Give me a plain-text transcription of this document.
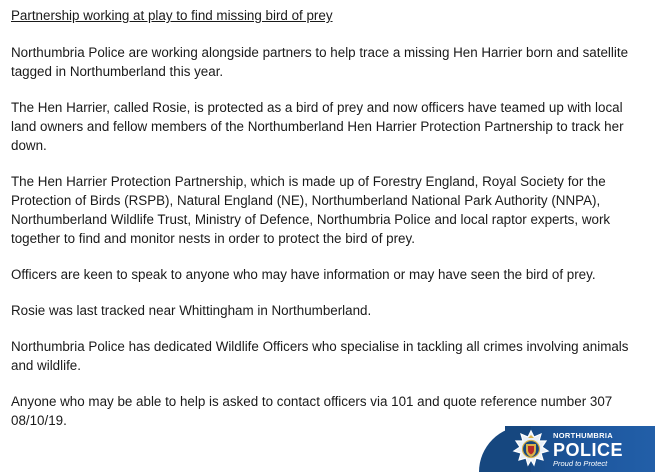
Partnership working at play to find missing bird of prey

Northumbria Police are working alongside partners to help trace a missing Hen Harrier born and satellite tagged in Northumberland this year.

The Hen Harrier, called Rosie, is protected as a bird of prey and now officers have teamed up with local land owners and fellow members of the Northumberland Hen Harrier Protection Partnership to track her down.

The Hen Harrier Protection Partnership, which is made up of Forestry England, Royal Society for the Protection of Birds (RSPB), Natural England (NE), Northumberland National Park Authority (NNPA), Northumberland Wildlife Trust, Ministry of Defence, Northumbria Police and local raptor experts, work together to find and monitor nests in order to protect the bird of prey.

Officers are keen to speak to anyone who may have information or may have seen the bird of prey.

Rosie was last tracked near Whittingham in Northumberland.

Northumbria Police has dedicated Wildlife Officers who specialise in tackling all crimes involving animals and wildlife.

Anyone who may be able to help is asked to contact officers via 101 and quote reference number 307 08/10/19.

NORTHUMBRIA
POLICE
Proud to Protect
